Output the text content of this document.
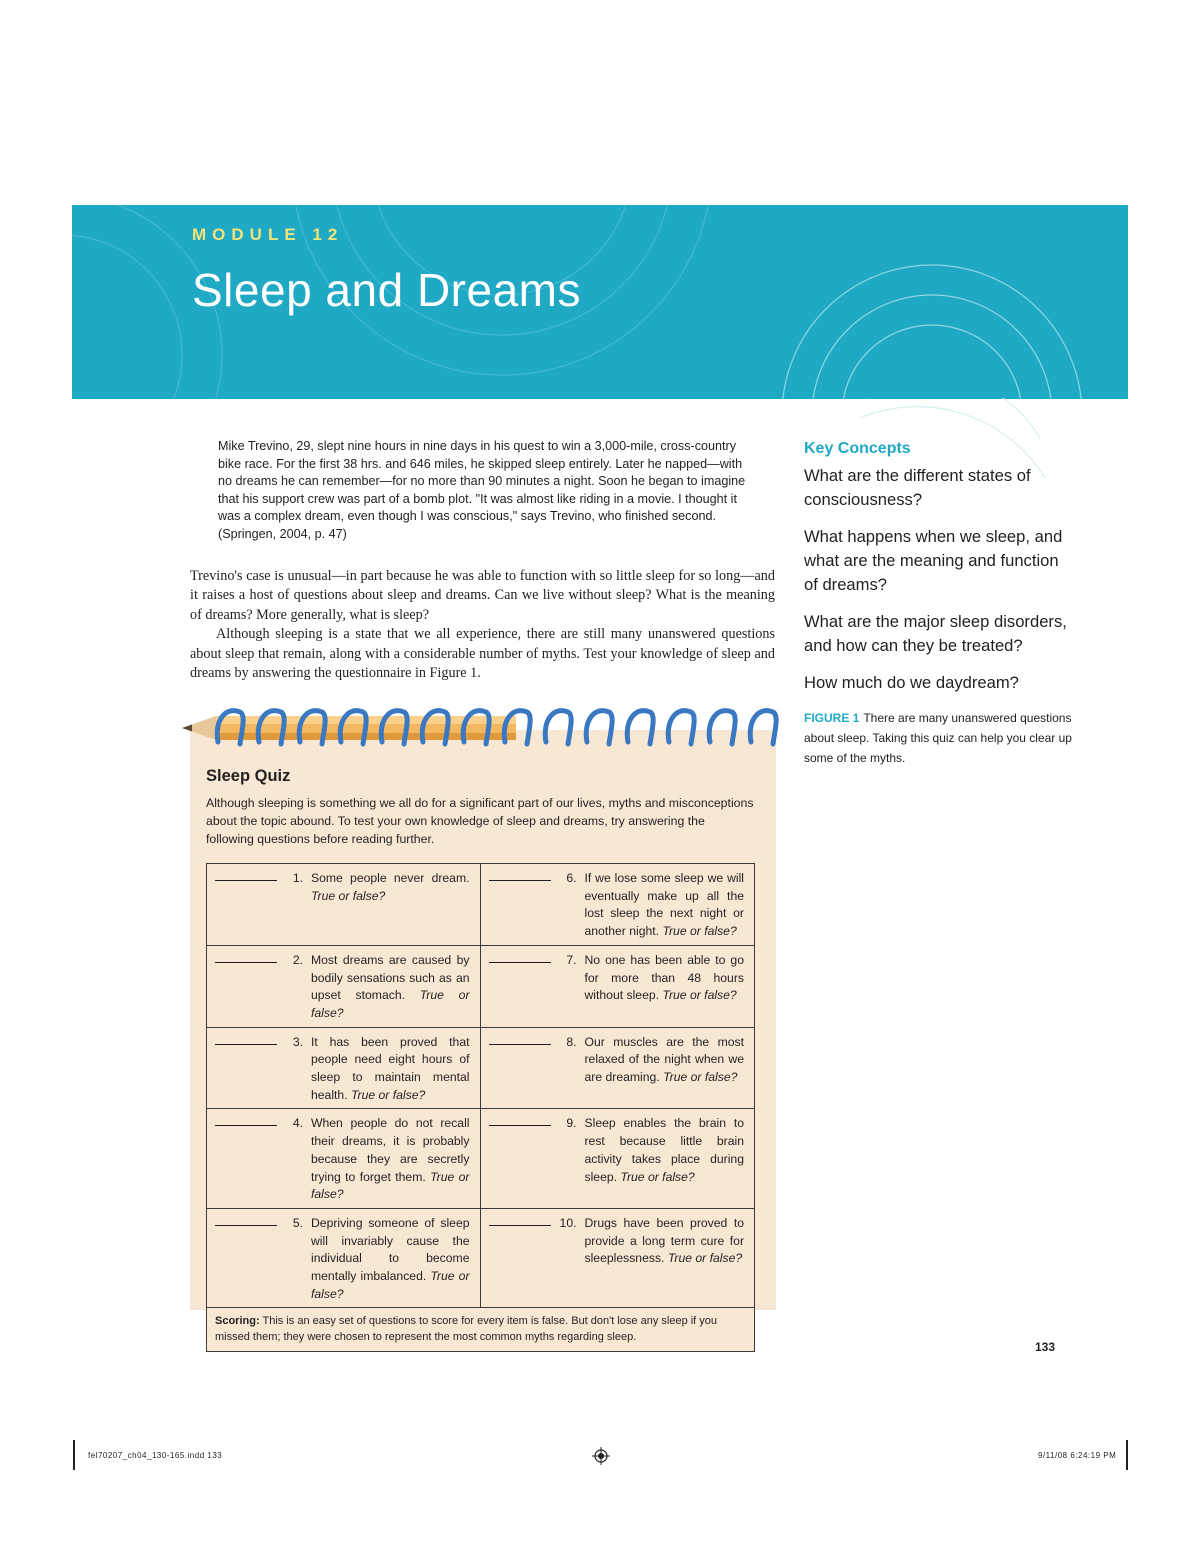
MODULE 12
Sleep and Dreams
Mike Trevino, 29, slept nine hours in nine days in his quest to win a 3,000-mile, cross-country bike race. For the first 38 hrs. and 646 miles, he skipped sleep entirely. Later he napped—with no dreams he can remember—for no more than 90 minutes a night. Soon he began to imagine that his support crew was part of a bomb plot. "It was almost like riding in a movie. I thought it was a complex dream, even though I was conscious," says Trevino, who finished second. (Springen, 2004, p. 47)

Trevino's case is unusual—in part because he was able to function with so little sleep for so long—and it raises a host of questions about sleep and dreams. Can we live without sleep? What is the meaning of dreams? More generally, what is sleep?

Although sleeping is a state that we all experience, there are still many unanswered questions about sleep that remain, along with a considerable number of myths. Test your knowledge of sleep and dreams by answering the questionnaire in Figure 1.

Key Concepts
What are the different states of consciousness?
What happens when we sleep, and what are the meaning and function of dreams?
What are the major sleep disorders, and how can they be treated?
How much do we daydream?
FIGURE 1 There are many unanswered questions about sleep. Taking this quiz can help you clear up some of the myths.
Sleep Quiz
Although sleeping is something we all do for a significant part of our lives, myths and misconceptions about the topic abound. To test your own knowledge of sleep and dreams, try answering the following questions before reading further.
1. Some people never dream. True or false?
6. If we lose some sleep we will eventually make up all the lost sleep the next night or another night. True or false?
2. Most dreams are caused by bodily sensations such as an upset stomach. True or false?
7. No one has been able to go for more than 48 hours without sleep. True or false?
3. It has been proved that people need eight hours of sleep to maintain mental health. True or false?
8. Our muscles are the most relaxed of the night when we are dreaming. True or false?
4. When people do not recall their dreams, it is probably because they are secretly trying to forget them. True or false?
9. Sleep enables the brain to rest because little brain activity takes place during sleep. True or false?
5. Depriving someone of sleep will invariably cause the individual to become mentally imbalanced. True or false?
10. Drugs have been proved to provide a long term cure for sleeplessness. True or false?
Scoring: This is an easy set of questions to score for every item is false. But don't lose any sleep if you missed them; they were chosen to represent the most common myths regarding sleep.
133
fel70207_ch04_130-165.indd 133	9/11/08 6:24:19 PM
